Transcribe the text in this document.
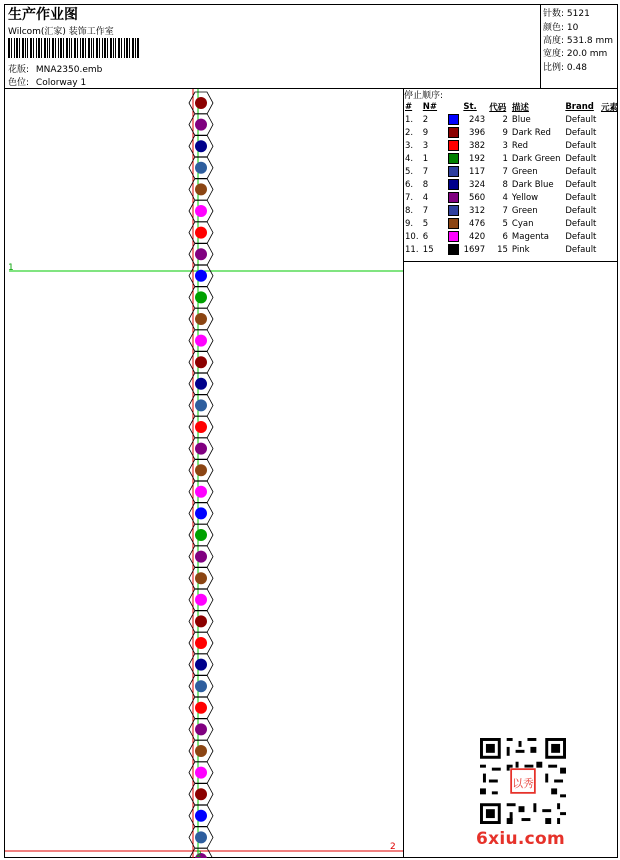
生产作业图
Wilcom(汇家) 装饰工作室
花版: MNA2350.emb
色位: Colorway 1
针数: 5121
颜色: 10
高度: 531.8 mm
宽度: 20.0 mm
比例: 0.48
停止顺序:
#	N#		St.	代码	描述	Brand	元素
1.	2		243	2	Blue	Default	
2.	9		396	9	Dark Red	Default	
3.	3		382	3	Red	Default	
4.	1		192	1	Dark Green	Default	
5.	7		117	7	Green	Default	
6.	8		324	8	Dark Blue	Default	
7.	4		560	4	Yellow	Default	
8.	7		312	7	Green	Default	
9.	5		476	5	Cyan	Default	
10.	6		420	6	Magenta	Default	
11.	15		1697	15	Pink	Default	
1
2
2
以秀
6xiu.com
